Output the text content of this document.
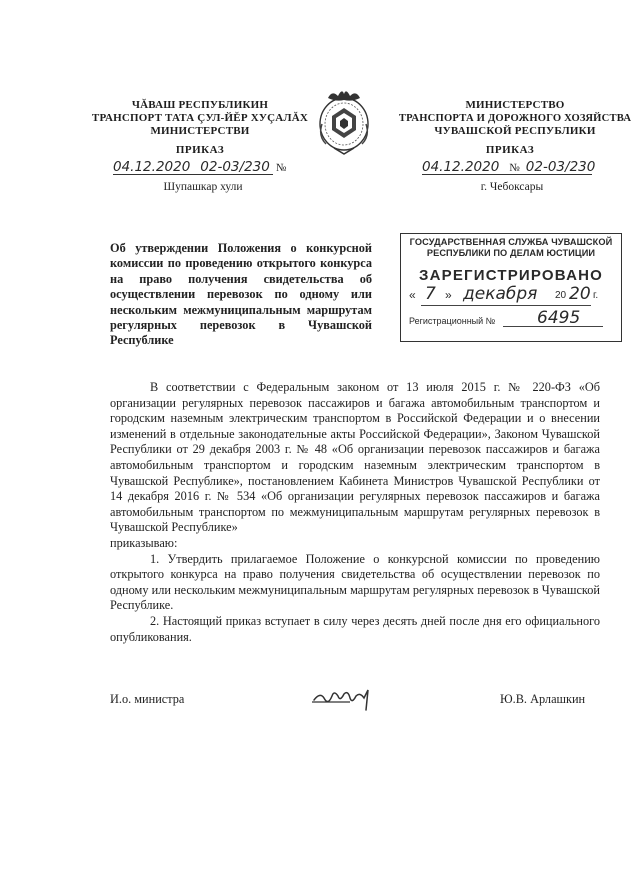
ЧĂВАШ РЕСПУБЛИКИН
ТРАНСПОРТ ТАТА ÇУЛ-ЙĔР ХУÇАЛĂХ
МИНИСТЕРСТВИ
ПРИКАЗ
04.12.2020 02-03/230 №
Шупашкар хули
МИНИСТЕРСТВО
ТРАНСПОРТА И ДОРОЖНОГО ХОЗЯЙСТВА
ЧУВАШСКОЙ РЕСПУБЛИКИ
ПРИКАЗ
04.12.2020 № 02-03/230
г. Чебоксары
Об утверждении Положения о конкурсной комиссии по проведению открытого конкурса на право получения свидетельства об осуществлении перевозок по одному или нескольким межмуниципальным маршрутам регулярных перевозок в Чувашской Республике
ГОСУДАРСТВЕННАЯ СЛУЖБА ЧУВАШСКОЙ
РЕСПУБЛИКИ ПО ДЕЛАМ ЮСТИЦИИ
ЗАРЕГИСТРИРОВАНО
« 7 » декабря 20 20 г.
Регистрационный № 6495

В соответствии с Федеральным законом от 13 июля 2015 г. № 220-ФЗ «Об организации регулярных перевозок пассажиров и багажа автомобильным транспортом и городским наземным электрическим транспортом в Российской Федерации и о внесении изменений в отдельные законодательные акты Российской Федерации», Законом Чувашской Республики от 29 декабря 2003 г. № 48 «Об организации перевозок пассажиров и багажа автомобильным транспортом и городским наземным электрическим транспортом в Чувашской Республике», постановлением Кабинета Министров Чувашской Республики от 14 декабря 2016 г. № 534 «Об организации регулярных перевозок пассажиров и багажа автомобильным транспортом по межмуниципальным маршрутам регулярных перевозок в Чувашской Республике»

приказываю:

1. Утвердить прилагаемое Положение о конкурсной комиссии по проведению открытого конкурса на право получения свидетельства об осуществлении перевозок по одному или нескольким межмуниципальным маршрутам регулярных перевозок в Чувашской Республике.

2. Настоящий приказ вступает в силу через десять дней после дня его официального опубликования.

И.о. министра	Ю.В. Арлашкин
